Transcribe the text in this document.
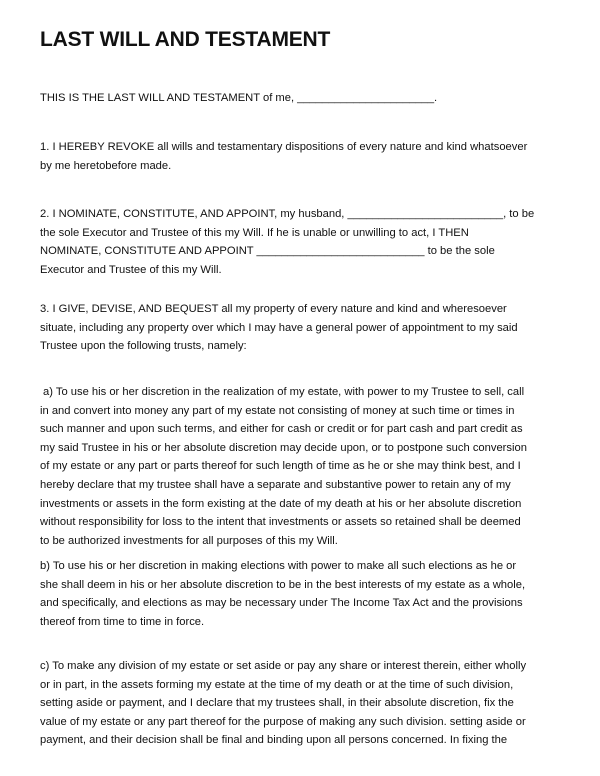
LAST WILL AND TESTAMENT

THIS IS THE LAST WILL AND TESTAMENT of me, ______________________.

1. I HEREBY REVOKE all wills and testamentary dispositions of every nature and kind whatsoever
by me heretobefore made.

2. I NOMINATE, CONSTITUTE, AND APPOINT, my husband, _________________________, to be
the sole Executor and Trustee of this my Will. If he is unable or unwilling to act, I THEN
NOMINATE, CONSTITUTE AND APPOINT ___________________________ to be the sole
Executor and Trustee of this my Will.

3. I GIVE, DEVISE, AND BEQUEST all my property of every nature and kind and wheresoever
situate, including any property over which I may have a general power of appointment to my said
Trustee upon the following trusts, namely:

a) To use his or her discretion in the realization of my estate, with power to my Trustee to sell, call
in and convert into money any part of my estate not consisting of money at such time or times in
such manner and upon such terms, and either for cash or credit or for part cash and part credit as
my said Trustee in his or her absolute discretion may decide upon, or to postpone such conversion
of my estate or any part or parts thereof for such length of time as he or she may think best, and I
hereby declare that my trustee shall have a separate and substantive power to retain any of my
investments or assets in the form existing at the date of my death at his or her absolute discretion
without responsibility for loss to the intent that investments or assets so retained shall be deemed
to be authorized investments for all purposes of this my Will.

b) To use his or her discretion in making elections with power to make all such elections as he or
she shall deem in his or her absolute discretion to be in the best interests of my estate as a whole,
and specifically, and elections as may be necessary under The Income Tax Act and the provisions
thereof from time to time in force.

c) To make any division of my estate or set aside or pay any share or interest therein, either wholly
or in part, in the assets forming my estate at the time of my death or at the time of such division,
setting aside or payment, and I declare that my trustees shall, in their absolute discretion, fix the
value of my estate or any part thereof for the purpose of making any such division. setting aside or
payment, and their decision shall be final and binding upon all persons concerned. In fixing the
